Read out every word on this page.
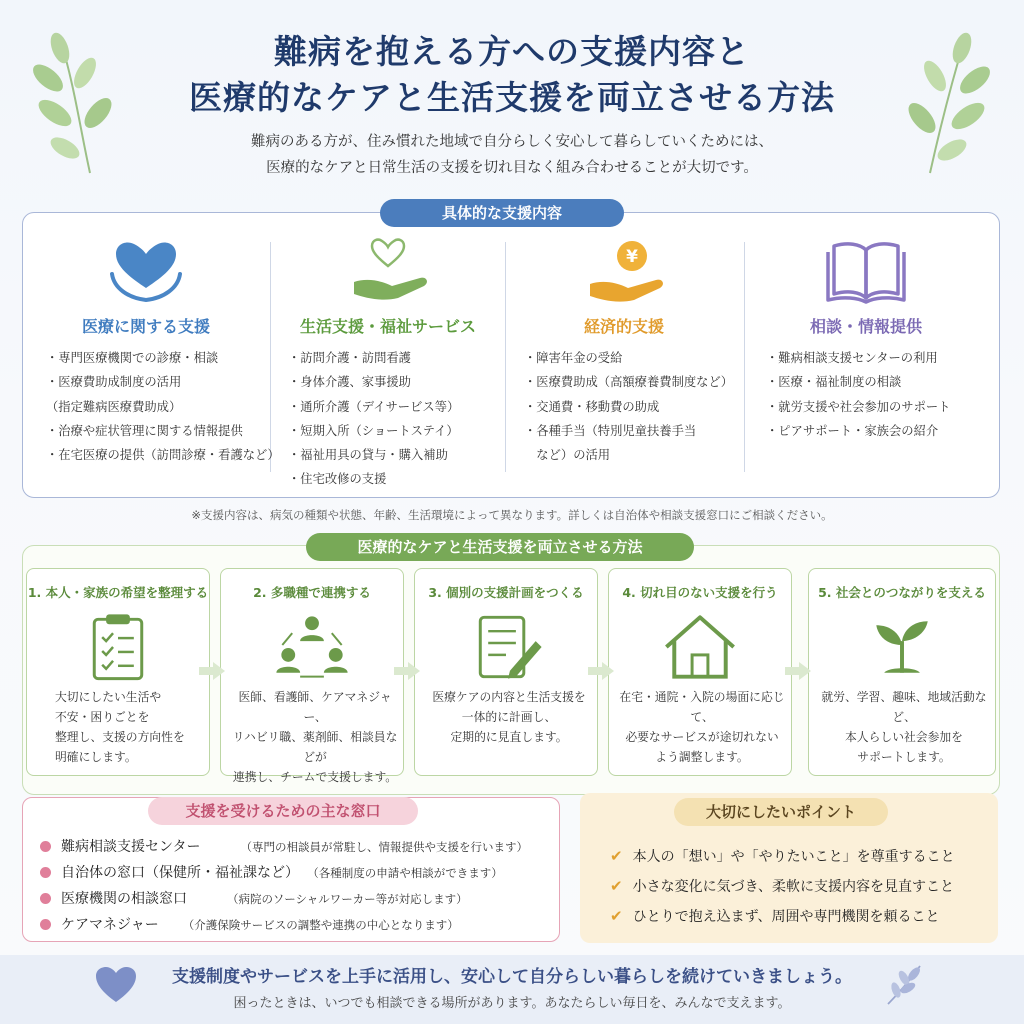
難病を抱える方への支援内容と
医療的なケアと生活支援を両立させる方法
難病のある方が、住み慣れた地域で自分らしく安心して暮らしていくためには、
医療的なケアと日常生活の支援を切れ目なく組み合わせることが大切です。
具体的な支援内容
医療に関する支援
・専門医療機関での診療・相談
・医療費助成制度の活用
（指定難病医療費助成）
・治療や症状管理に関する情報提供
・在宅医療の提供（訪問診療・看護など）
生活支援・福祉サービス
・訪問介護・訪問看護
・身体介護、家事援助
・通所介護（デイサービス等）
・短期入所（ショートステイ）
・福祉用具の貸与・購入補助
・住宅改修の支援
¥
経済的支援
・障害年金の受給
・医療費助成（高額療養費制度など）
・交通費・移動費の助成
・各種手当（特別児童扶養手当
　など）の活用
相談・情報提供
・難病相談支援センターの利用
・医療・福祉制度の相談
・就労支援や社会参加のサポート
・ピアサポート・家族会の紹介
※支援内容は、病気の種類や状態、年齢、生活環境によって異なります。詳しくは自治体や相談支援窓口にご相談ください。
医療的なケアと生活支援を両立させる方法
1. 本人・家族の希望を整理する
大切にしたい生活や
不安・困りごとを
整理し、支援の方向性を
明確にします。
2. 多職種で連携する
医師、看護師、ケアマネジャー、
リハビリ職、薬剤師、相談員などが
連携し、チームで支援します。
3. 個別の支援計画をつくる
医療ケアの内容と生活支援を
一体的に計画し、
定期的に見直します。
4. 切れ目のない支援を行う
在宅・通院・入院の場面に応じて、
必要なサービスが途切れない
よう調整します。
5. 社会とのつながりを支える
就労、学習、趣味、地域活動など、
本人らしい社会参加を
サポートします。
支援を受けるための主な窓口
難病相談支援センター	（専門の相談員が常駐し、情報提供や支援を行います）
自治体の窓口（保健所・福祉課など） （各種制度の申請や相談ができます）
医療機関の相談窓口	（病院のソーシャルワーカー等が対応します）
ケアマネジャー （介護保険サービスの調整や連携の中心となります）
大切にしたいポイント
✔ 本人の「想い」や「やりたいこと」を尊重すること
✔ 小さな変化に気づき、柔軟に支援内容を見直すこと
✔ ひとりで抱え込まず、周囲や専門機関を頼ること
支援制度やサービスを上手に活用し、安心して自分らしい暮らしを続けていきましょう。
困ったときは、いつでも相談できる場所があります。あなたらしい毎日を、みんなで支えます。
